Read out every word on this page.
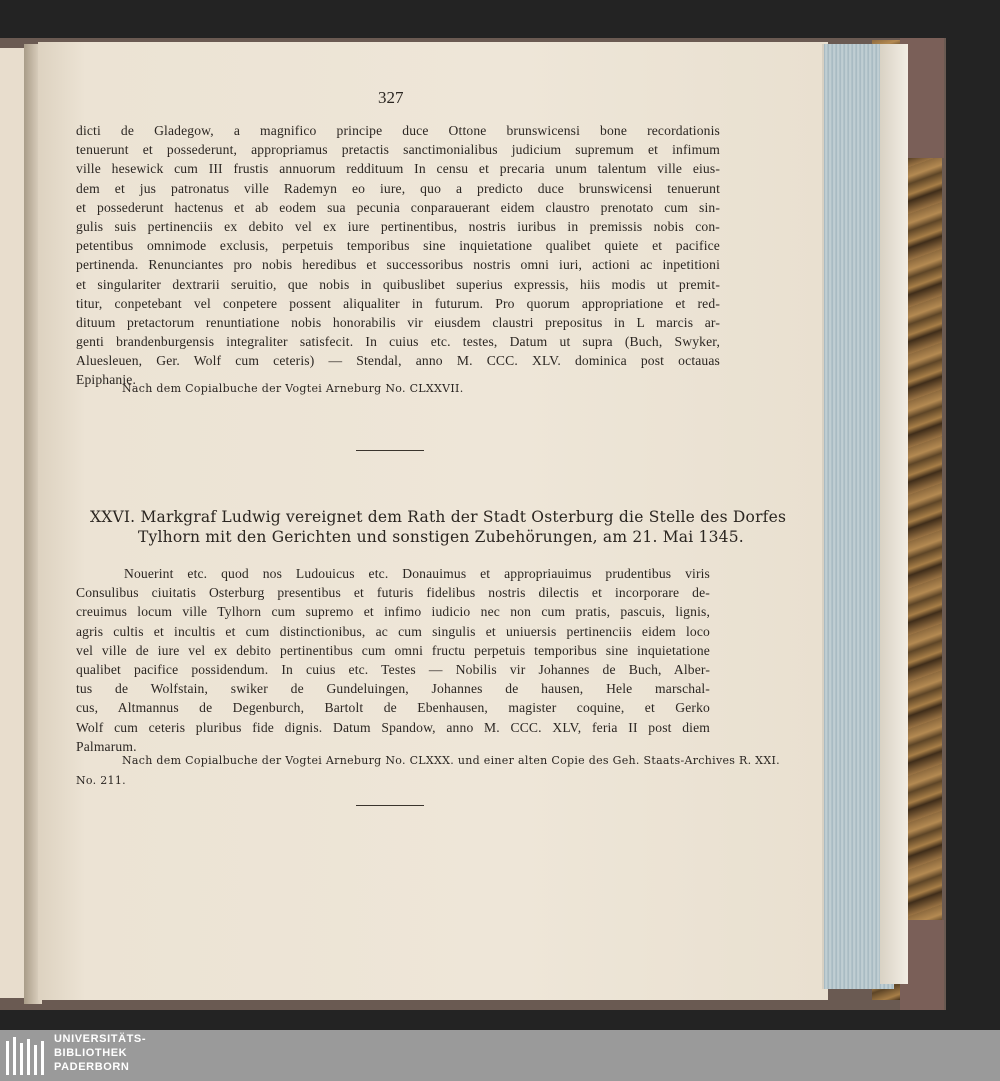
327
dicti de Gladegow, a magnifico principe duce Ottone brunswicensi bone recordationis
tenuerunt et possederunt, appropriamus pretactis sanctimonialibus judicium supremum et infimum
ville hesewick cum III frustis annuorum reddituum In censu et precaria unum talentum ville eius-
dem et jus patronatus ville Rademyn eo iure, quo a predicto duce brunswicensi tenuerunt
et possederunt hactenus et ab eodem sua pecunia conparauerant eidem claustro prenotato cum sin-
gulis suis pertinenciis ex debito vel ex iure pertinentibus, nostris iuribus in premissis nobis con-
petentibus omnimode exclusis, perpetuis temporibus sine inquietatione qualibet quiete et pacifice
pertinenda. Renunciantes pro nobis heredibus et successoribus nostris omni iuri, actioni ac inpetitioni
et singulariter dextrarii seruitio, que nobis in quibuslibet superius expressis, hiis modis ut premit-
titur, conpetebant vel conpetere possent aliqualiter in futurum. Pro quorum appropriatione et red-
dituum pretactorum renuntiatione nobis honorabilis vir eiusdem claustri prepositus in L marcis ar-
genti brandenburgensis integraliter satisfecit. In cuius etc. testes, Datum ut supra (Buch, Swyker,
Aluesleuen, Ger. Wolf cum ceteris) — Stendal, anno M. CCC. XLV. dominica post octauas
Epiphanie.
Nach dem Copialbuche der Vogtei Arneburg No. CLXXVII.
XXVI. Markgraf Ludwig vereignet dem Rath der Stadt Osterburg die Stelle des Dorfes
Tylhorn mit den Gerichten und sonstigen Zubehörungen, am 21. Mai 1345.
Nouerint etc. quod nos Ludouicus etc. Donauimus et appropriauimus prudentibus viris
Consulibus ciuitatis Osterburg presentibus et futuris fidelibus nostris dilectis et incorporare de-
creuimus locum ville Tylhorn cum supremo et infimo iudicio nec non cum pratis, pascuis, lignis,
agris cultis et incultis et cum distinctionibus, ac cum singulis et uniuersis pertinenciis eidem loco
vel ville de iure vel ex debito pertinentibus cum omni fructu perpetuis temporibus sine inquietatione
qualibet pacifice possidendum. In cuius etc. Testes — Nobilis vir Johannes de Buch, Alber-
tus de Wolfstain, swiker de Gundeluingen, Johannes de hausen, Hele marschal-
cus, Altmannus de Degenburch, Bartolt de Ebenhausen, magister coquine, et Gerko
Wolf cum ceteris pluribus fide dignis. Datum Spandow, anno M. CCC. XLV, feria II post diem
Palmarum.
Nach dem Copialbuche der Vogtei Arneburg No. CLXXX. und einer alten Copie des Geh. Staats-Archives R. XXI.
No. 211.
UNIVERSITÄTS-
BIBLIOTHEK
PADERBORN
